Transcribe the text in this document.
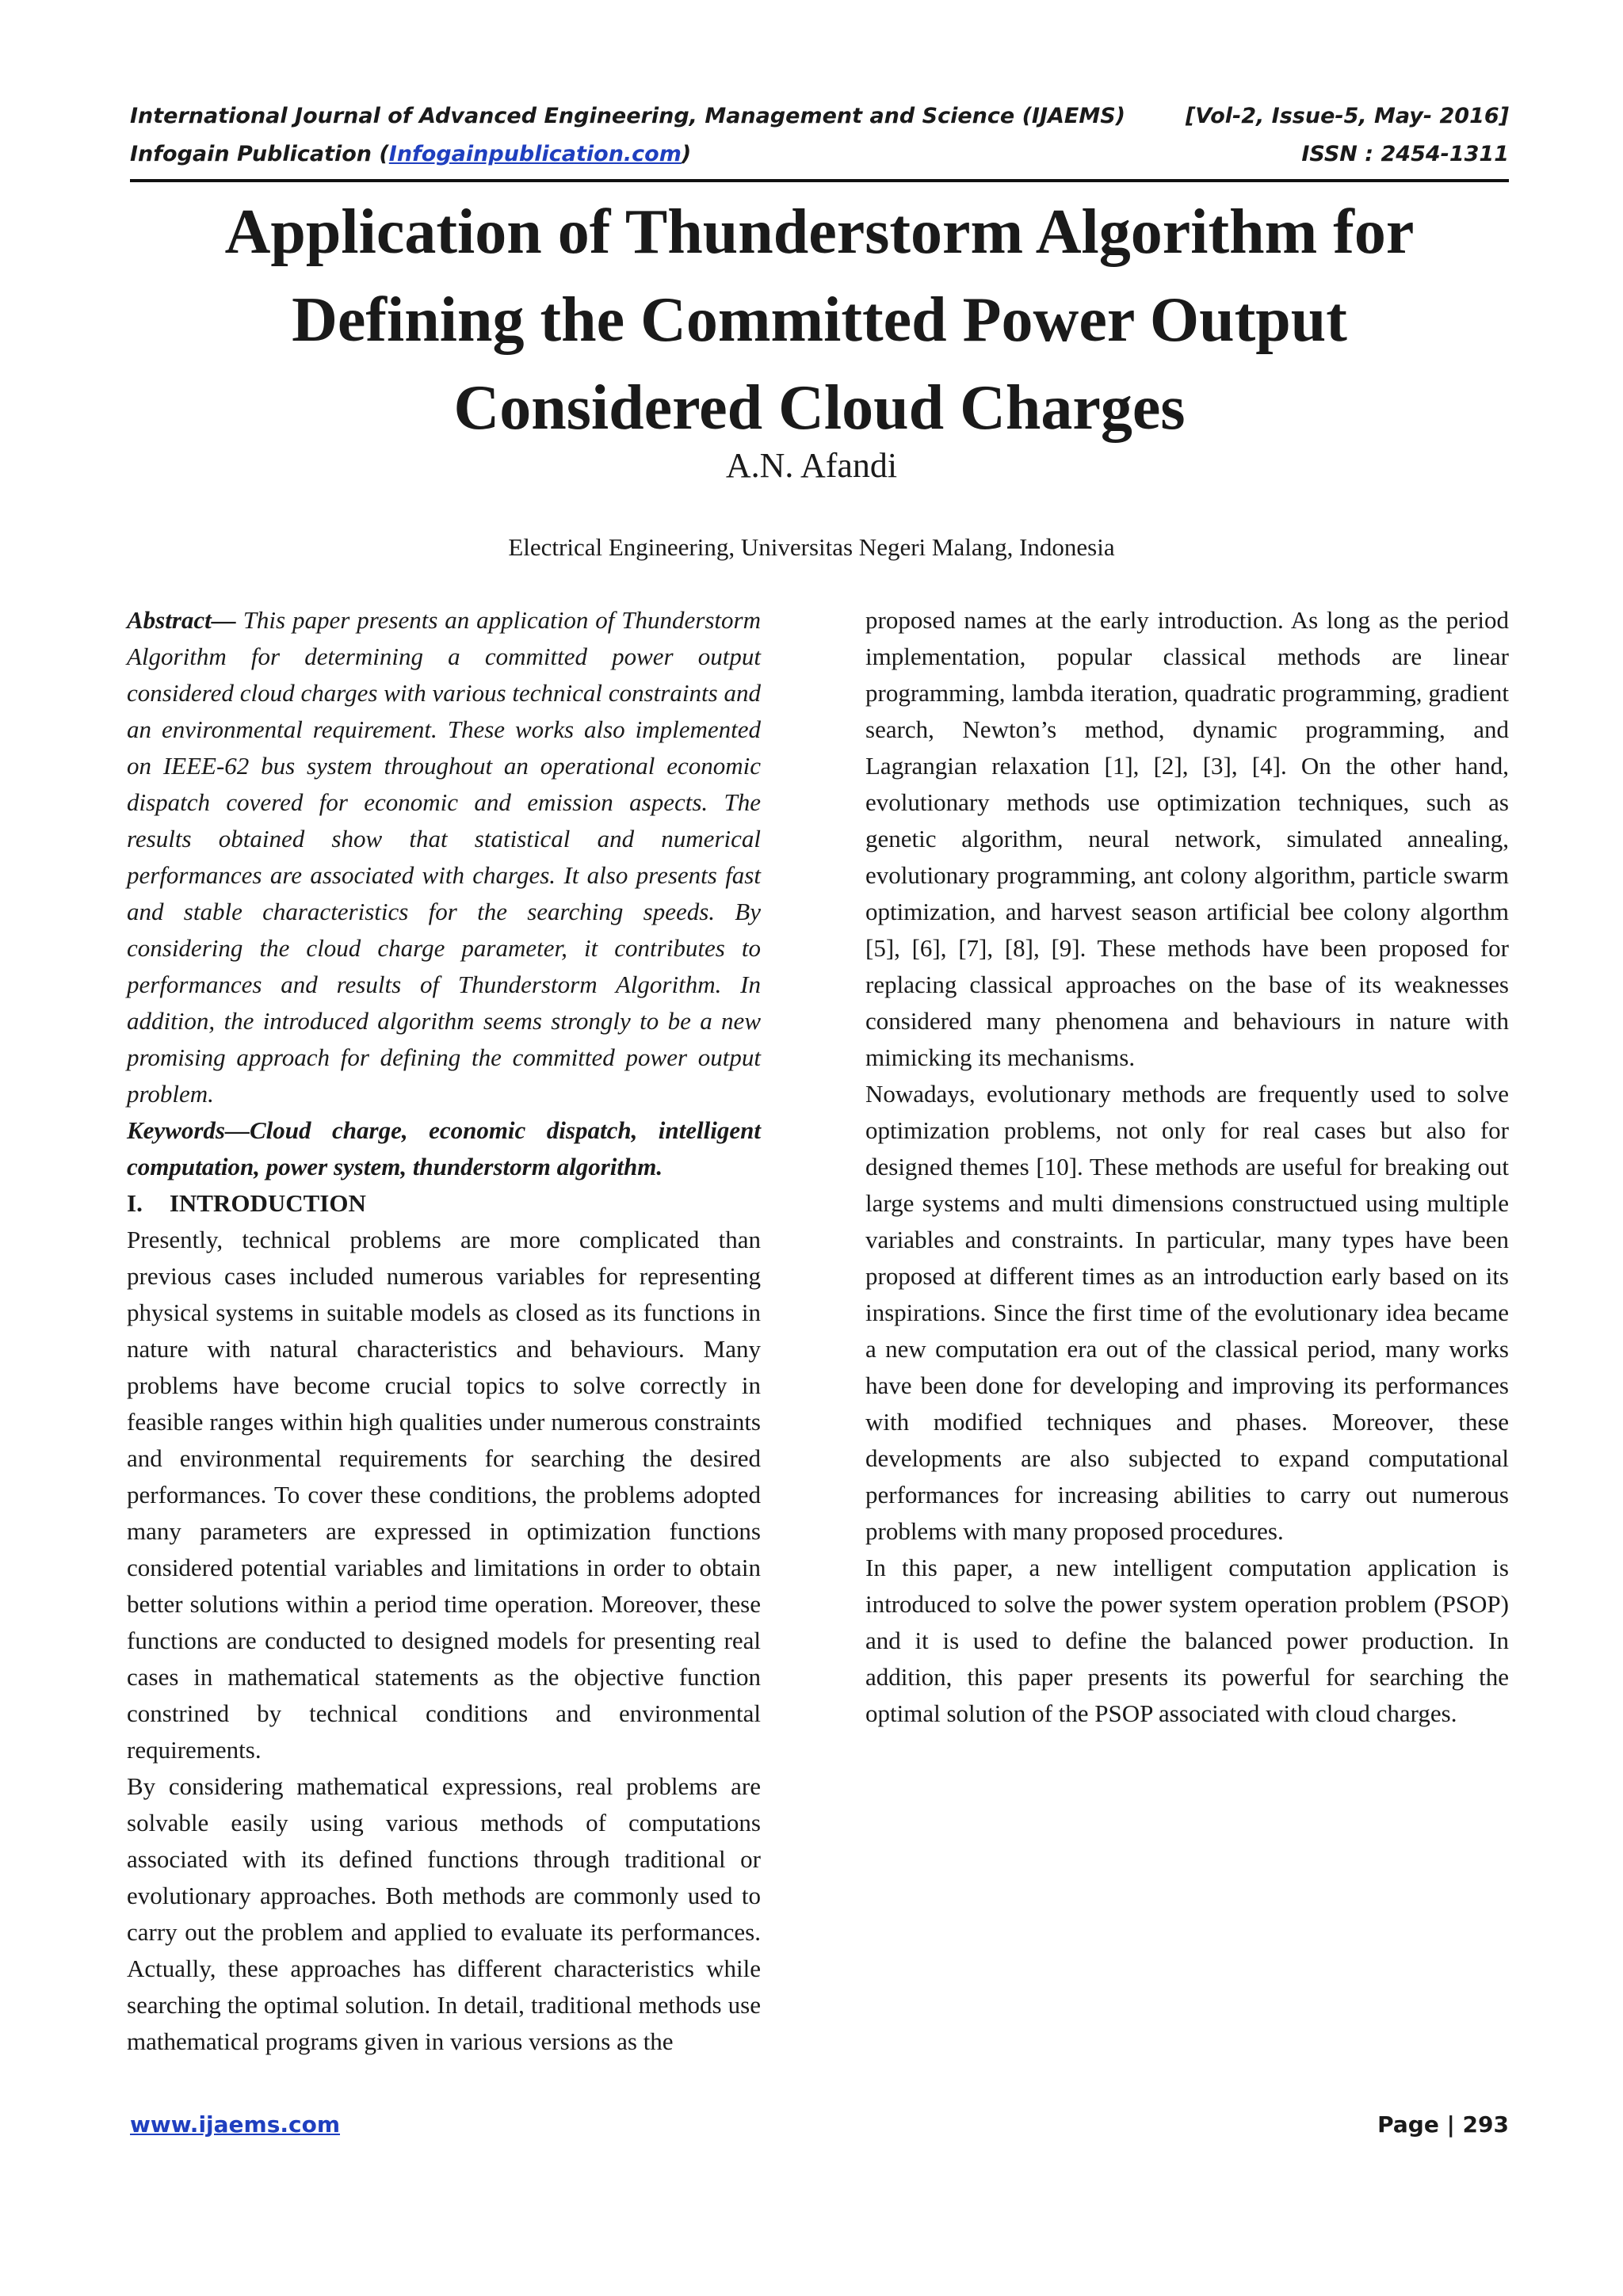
International Journal of Advanced Engineering, Management and Science (IJAEMS)	[Vol-2, Issue-5, May- 2016]
Infogain Publication (Infogainpublication.com)	ISSN : 2454-1311
Application of Thunderstorm Algorithm for
Defining the Committed Power Output
Considered Cloud Charges
A.N. Afandi
Electrical Engineering, Universitas Negeri Malang, Indonesia

Abstract— This paper presents an application of Thunderstorm Algorithm for determining a committed power output considered cloud charges with various technical constraints and an environmental requirement. These works also implemented on IEEE-62 bus system throughout an operational economic dispatch covered for economic and emission aspects. The results obtained show that statistical and numerical performances are associated with charges. It also presents fast and stable characteristics for the searching speeds. By considering the cloud charge parameter, it contributes to performances and results of Thunderstorm Algorithm. In addition, the introduced algorithm seems strongly to be a new promising approach for defining the committed power output problem.

Keywords—Cloud charge, economic dispatch, intelligent computation, power system, thunderstorm algorithm.

I. INTRODUCTION

Presently, technical problems are more complicated than previous cases included numerous variables for representing physical systems in suitable models as closed as its functions in nature with natural characteristics and behaviours. Many problems have become crucial topics to solve correctly in feasible ranges within high qualities under numerous constraints and environmental requirements for searching the desired performances. To cover these conditions, the problems adopted many parameters are expressed in optimization functions considered potential variables and limitations in order to obtain better solutions within a period time operation. Moreover, these functions are conducted to designed models for presenting real cases in mathematical statements as the objective function constrined by technical conditions and environmental requirements.

By considering mathematical expressions, real problems are solvable easily using various methods of computations associated with its defined functions through traditional or evolutionary approaches. Both methods are commonly used to carry out the problem and applied to evaluate its performances. Actually, these approaches has different characteristics while searching the optimal solution. In detail, traditional methods use mathematical programs given in various versions as the

proposed names at the early introduction. As long as the period implementation, popular classical methods are linear programming, lambda iteration, quadratic programming, gradient search, Newton’s method, dynamic programming, and Lagrangian relaxation [1], [2], [3], [4]. On the other hand, evolutionary methods use optimization techniques, such as genetic algorithm, neural network, simulated annealing, evolutionary programming, ant colony algorithm, particle swarm optimization, and harvest season artificial bee colony algorthm [5], [6], [7], [8], [9]. These methods have been proposed for replacing classical approaches on the base of its weaknesses considered many phenomena and behaviours in nature with mimicking its mechanisms.

Nowadays, evolutionary methods are frequently used to solve optimization problems, not only for real cases but also for designed themes [10]. These methods are useful for breaking out large systems and multi dimensions constructued using multiple variables and constraints. In particular, many types have been proposed at different times as an introduction early based on its inspirations. Since the first time of the evolutionary idea became a new computation era out of the classical period, many works have been done for developing and improving its performances with modified techniques and phases. Moreover, these developments are also subjected to expand computational performances for increasing abilities to carry out numerous problems with many proposed procedures.

In this paper, a new intelligent computation application is introduced to solve the power system operation problem (PSOP) and it is used to define the balanced power production. In addition, this paper presents its powerful for searching the optimal solution of the PSOP associated with cloud charges.

www.ijaems.com	Page | 293
